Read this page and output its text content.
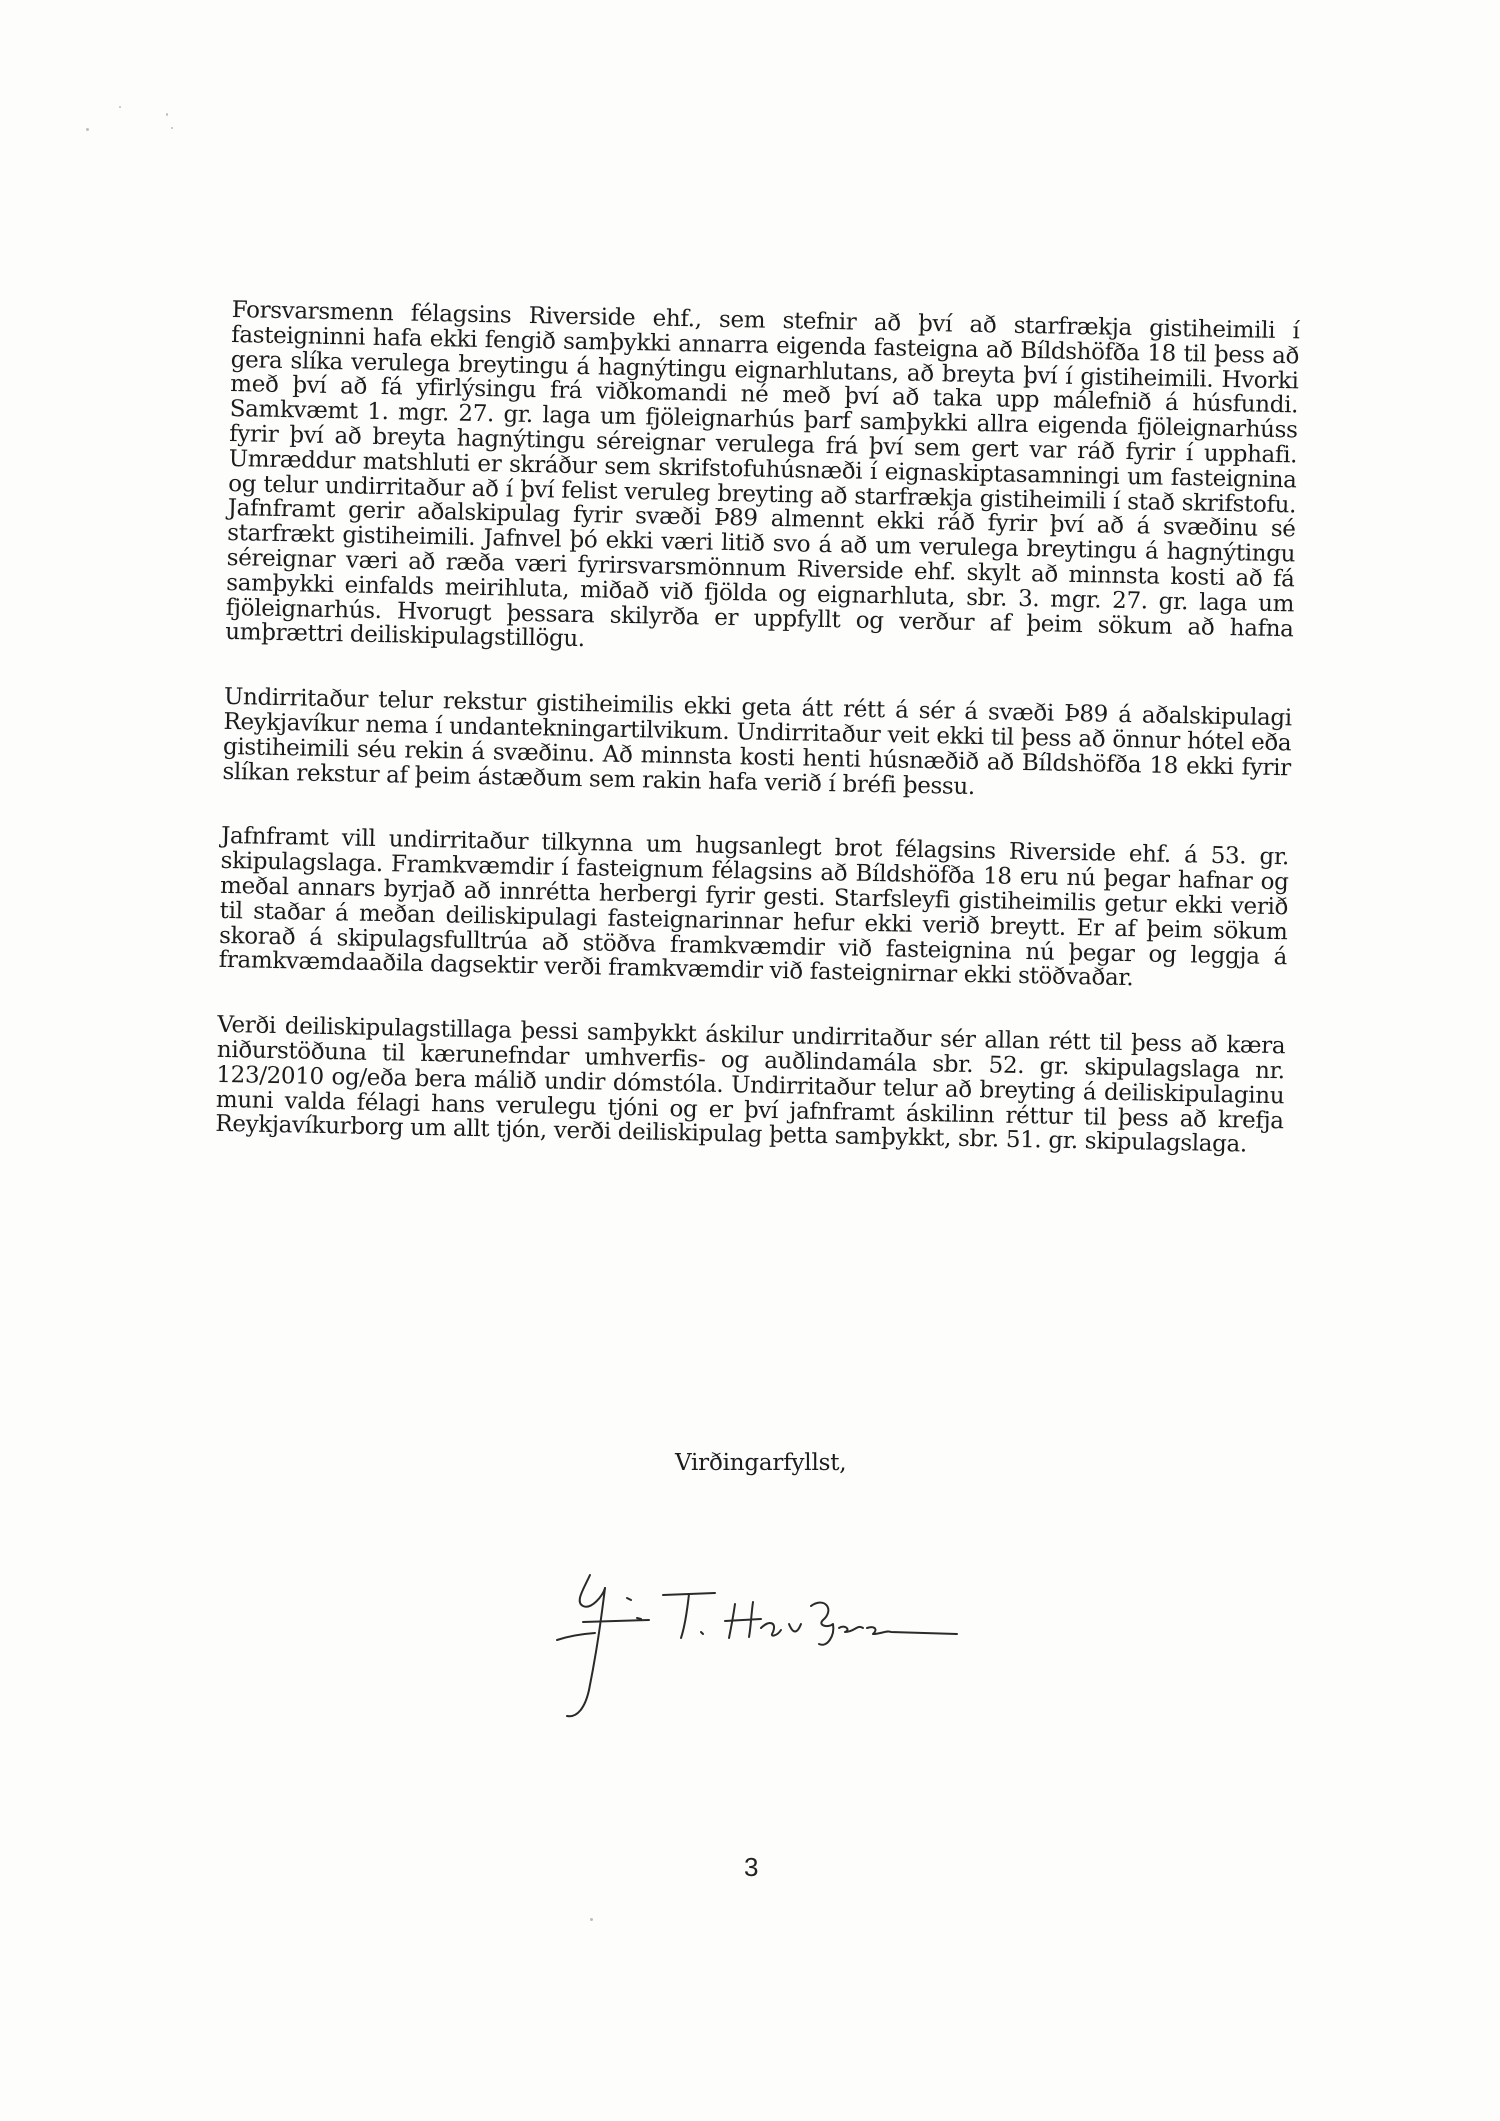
Forsvarsmenn félagsins Riverside ehf., sem stefnir að því að starfrækja gistiheimili í fasteigninni hafa ekki fengið samþykki annarra eigenda fasteigna að Bíldshöfða 18 til þess að gera slíka verulega breytingu á hagnýtingu eignarhlutans, að breyta því í gistiheimili. Hvorki með því að fá yfirlýsingu frá viðkomandi né með því að taka upp málefnið á húsfundi. Samkvæmt 1. mgr. 27. gr. laga um fjöleignarhús þarf samþykki allra eigenda fjöleignarhúss fyrir því að breyta hagnýtingu séreignar verulega frá því sem gert var ráð fyrir í upphafi. Umræddur matshluti er skráður sem skrifstofuhúsnæði í eignaskiptasamningi um fasteignina og telur undirritaður að í því felist veruleg breyting að starfrækja gistiheimili í stað skrifstofu. Jafnframt gerir aðalskipulag fyrir svæði Þ89 almennt ekki ráð fyrir því að á svæðinu sé starfrækt gistiheimili. Jafnvel þó ekki væri litið svo á að um verulega breytingu á hagnýtingu séreignar væri að ræða væri fyrirsvarsmönnum Riverside ehf. skylt að minnsta kosti að fá samþykki einfalds meirihluta, miðað við fjölda og eignarhluta, sbr. 3. mgr. 27. gr. laga um fjöleignarhús. Hvorugt þessara skilyrða er uppfyllt og verður af þeim sökum að hafna umþrættri deiliskipulagstillögu.

Undirritaður telur rekstur gistiheimilis ekki geta átt rétt á sér á svæði Þ89 á aðalskipulagi Reykjavíkur nema í undantekningartilvikum. Undirritaður veit ekki til þess að önnur hótel eða gistiheimili séu rekin á svæðinu. Að minnsta kosti henti húsnæðið að Bíldshöfða 18 ekki fyrir slíkan rekstur af þeim ástæðum sem rakin hafa verið í bréfi þessu.

Jafnframt vill undirritaður tilkynna um hugsanlegt brot félagsins Riverside ehf. á 53. gr. skipulagslaga. Framkvæmdir í fasteignum félagsins að Bíldshöfða 18 eru nú þegar hafnar og meðal annars byrjað að innrétta herbergi fyrir gesti. Starfsleyfi gistiheimilis getur ekki verið til staðar á meðan deiliskipulagi fasteignarinnar hefur ekki verið breytt. Er af þeim sökum skorað á skipulagsfulltrúa að stöðva framkvæmdir við fasteignina nú þegar og leggja á framkvæmdaaðila dagsektir verði framkvæmdir við fasteignirnar ekki stöðvaðar.

Verði deiliskipulagstillaga þessi samþykkt áskilur undirritaður sér allan rétt til þess að kæra niðurstöðuna til kærunefndar umhverfis- og auðlindamála sbr. 52. gr. skipulagslaga nr. 123/2010 og/eða bera málið undir dómstóla. Undirritaður telur að breyting á deiliskipulaginu muni valda félagi hans verulegu tjóni og er því jafnframt áskilinn réttur til þess að krefja Reykjavíkurborg um allt tjón, verði deiliskipulag þetta samþykkt, sbr. 51. gr. skipulagslaga.

Virðingarfyllst,
3
